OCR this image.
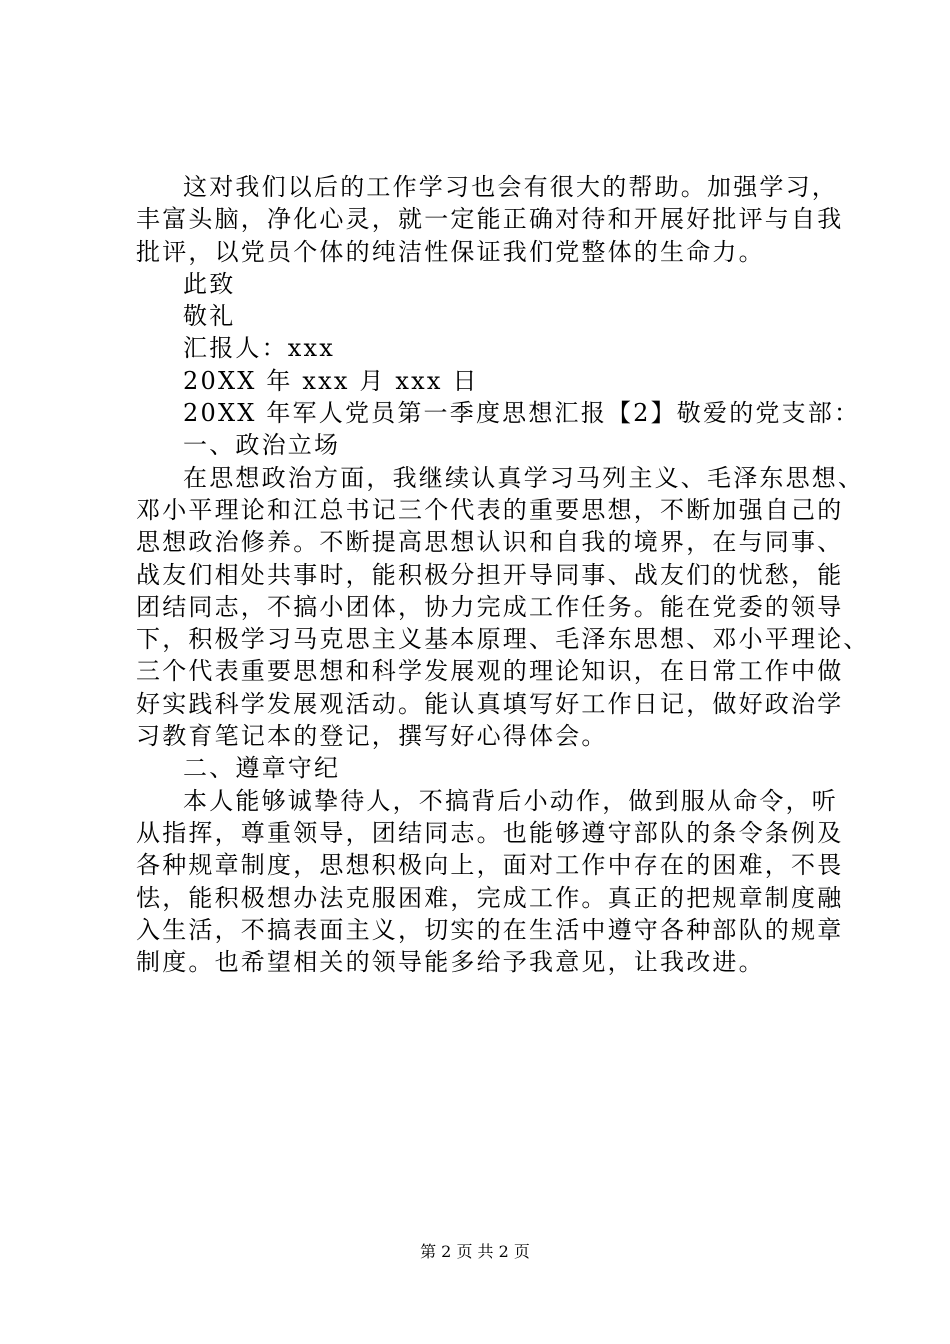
这对我们以后的工作学习也会有很大的帮助。加强学习，
丰富头脑，净化心灵，就一定能正确对待和开展好批评与自我
批评，以党员个体的纯洁性保证我们党整体的生命力。
此致
敬礼
汇报人：xxx
20XX 年 xxx 月 xxx 日
20XX 年军人党员第一季度思想汇报【2】敬爱的党支部：
一、政治立场
在思想政治方面，我继续认真学习马列主义、毛泽东思想、
邓小平理论和江总书记三个代表的重要思想，不断加强自己的
思想政治修养。不断提高思想认识和自我的境界，在与同事、
战友们相处共事时，能积极分担开导同事、战友们的忧愁，能
团结同志，不搞小团体，协力完成工作任务。能在党委的领导
下，积极学习马克思主义基本原理、毛泽东思想、邓小平理论、
三个代表重要思想和科学发展观的理论知识，在日常工作中做
好实践科学发展观活动。能认真填写好工作日记，做好政治学
习教育笔记本的登记，撰写好心得体会。
二、遵章守纪
本人能够诚挚待人，不搞背后小动作，做到服从命令，听
从指挥，尊重领导，团结同志。也能够遵守部队的条令条例及
各种规章制度，思想积极向上，面对工作中存在的困难，不畏
怯，能积极想办法克服困难，完成工作。真正的把规章制度融
入生活，不搞表面主义，切实的在生活中遵守各种部队的规章
制度。也希望相关的领导能多给予我意见，让我改进。
第 2 页 共 2 页
